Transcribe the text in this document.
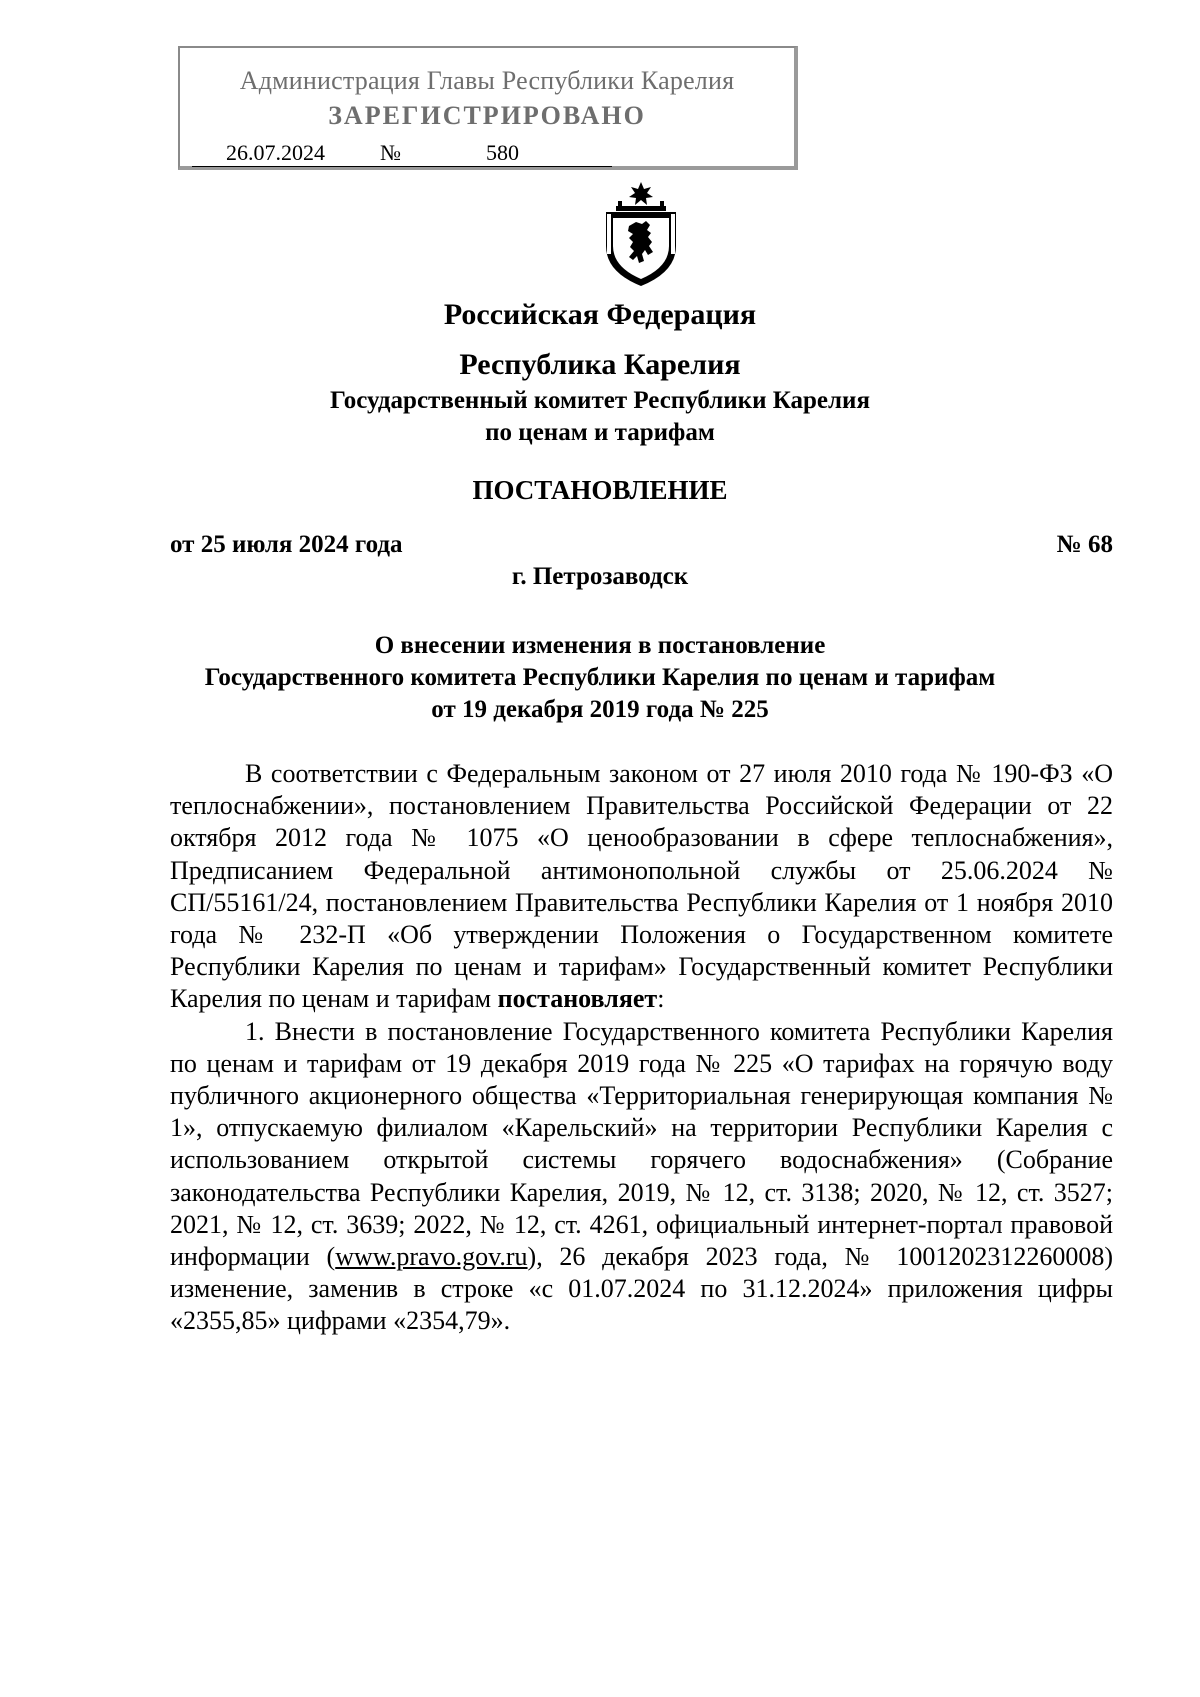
Администрация Главы Республики Карелия
ЗАРЕГИСТРИРОВАНО
26.07.2024	№	580
Российская Федерация
Республика Карелия
Государственный комитет Республики Карелия
по ценам и тарифам
ПОСТАНОВЛЕНИЕ
от 25 июля 2024 года	№ 68
г. Петрозаводск
О внесении изменения в постановление
Государственного комитета Республики Карелия по ценам и тарифам
от 19 декабря 2019 года № 225

В соответствии с Федеральным законом от 27 июля 2010 года № 190-ФЗ «О теплоснабжении», постановлением Правительства Российской Федерации от 22 октября 2012 года № 1075 «О ценообразовании в сфере теплоснабжения», Предписанием Федеральной антимонопольной службы от 25.06.2024 № СП/55161/24, постановлением Правительства Республики Карелия от 1 ноября 2010 года № 232-П «Об утверждении Положения о Государственном комитете Республики Карелия по ценам и тарифам» Государственный комитет Республики Карелия по ценам и тарифам постановляет:

1. Внести в постановление Государственного комитета Республики Карелия по ценам и тарифам от 19 декабря 2019 года № 225 «О тарифах на горячую воду публичного акционерного общества «Территориальная генерирующая компания № 1», отпускаемую филиалом «Карельский» на территории Республики Карелия с использованием открытой системы горячего водоснабжения» (Собрание законодательства Республики Карелия, 2019, № 12, ст. 3138; 2020, № 12, ст. 3527; 2021, № 12, ст. 3639; 2022, № 12, ст. 4261, официальный интернет-портал правовой информации (www.pravo.gov.ru), 26 декабря 2023 года, № 1001202312260008) изменение, заменив в строке «с 01.07.2024 по 31.12.2024» приложения цифры «2355,85» цифрами «2354,79».
